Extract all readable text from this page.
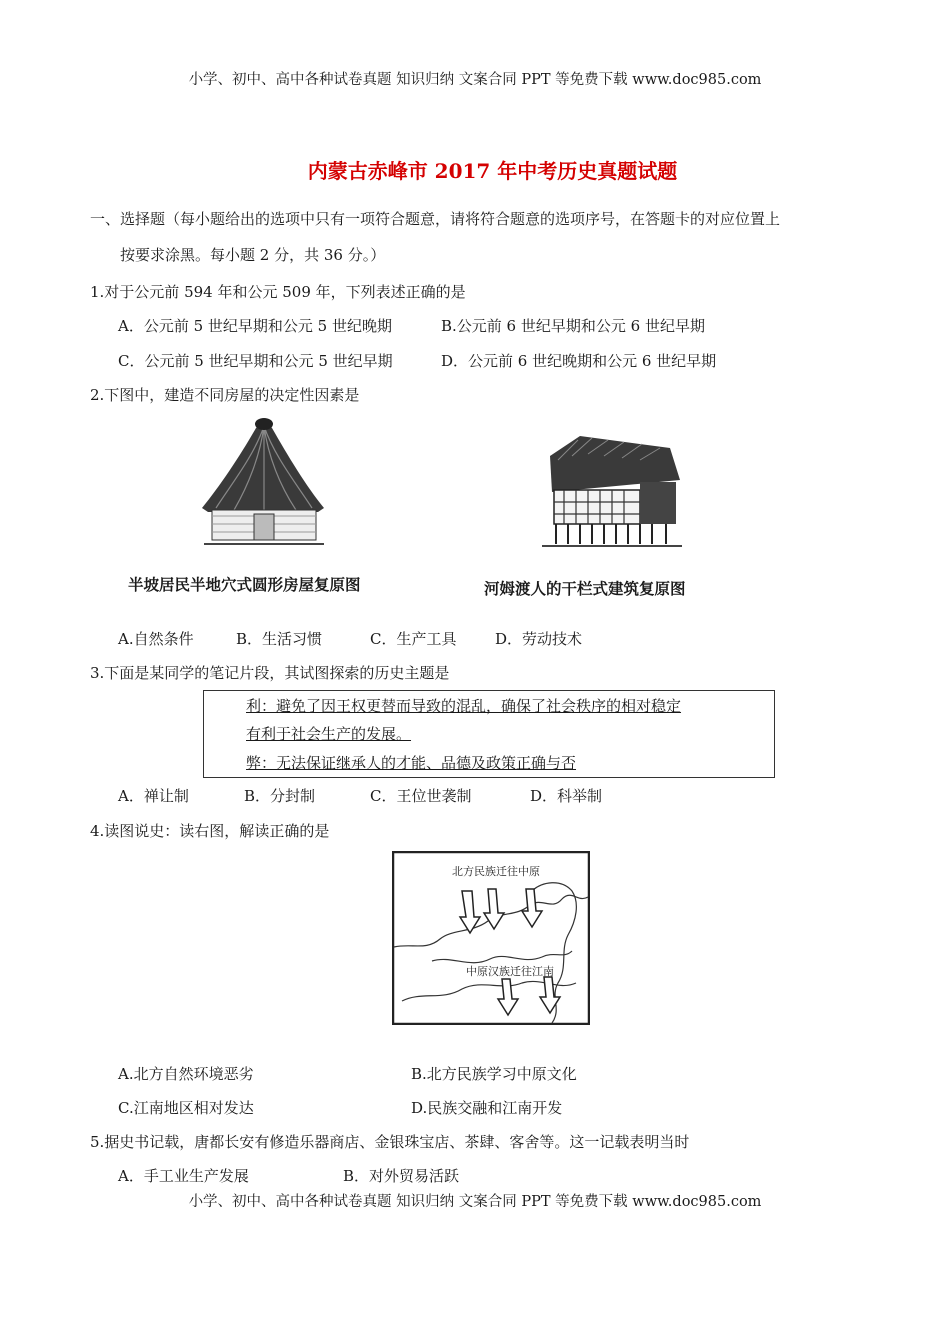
小学、初中、高中各种试卷真题 知识归纳 文案合同 PPT 等免费下载 www.doc985.com
内蒙古赤峰市 2017 年中考历史真题试题
一、选择题（每小题给出的选项中只有一项符合题意，请将符合题意的选项序号，在答题卡的对应位置上
按要求涂黑。每小题 2 分，共 36 分。）
1.对于公元前 594 年和公元 509 年，下列表述正确的是
A．公元前 5 世纪早期和公元 5 世纪晚期	B.公元前 6 世纪早期和公元 6 世纪早期
C．公元前 5 世纪早期和公元 5 世纪早期	D．公元前 6 世纪晚期和公元 6 世纪早期
2.下图中，建造不同房屋的决定性因素是
半坡居民半地穴式圆形房屋复原图	河姆渡人的干栏式建筑复原图
A.自然条件	B．生活习惯	C．生产工具	D．劳动技术
3.下面是某同学的笔记片段，其试图探索的历史主题是
利：避免了因王权更替而导致的混乱，确保了社会秩序的相对稳定
有利于社会生产的发展。
弊：无法保证继承人的才能、品德及政策正确与否
A．禅让制	B．分封制	C．王位世袭制	D．科举制
4.读图说史：读右图，解读正确的是
北方民族迁往中原
中原汉族迁往江南
A.北方自然环境恶劣	B.北方民族学习中原文化
C.江南地区相对发达	D.民族交融和江南开发
5.据史书记载，唐都长安有修造乐器商店、金银珠宝店、茶肆、客舍等。这一记载表明当时
A．手工业生产发展	B．对外贸易活跃
小学、初中、高中各种试卷真题 知识归纳 文案合同 PPT 等免费下载 www.doc985.com
